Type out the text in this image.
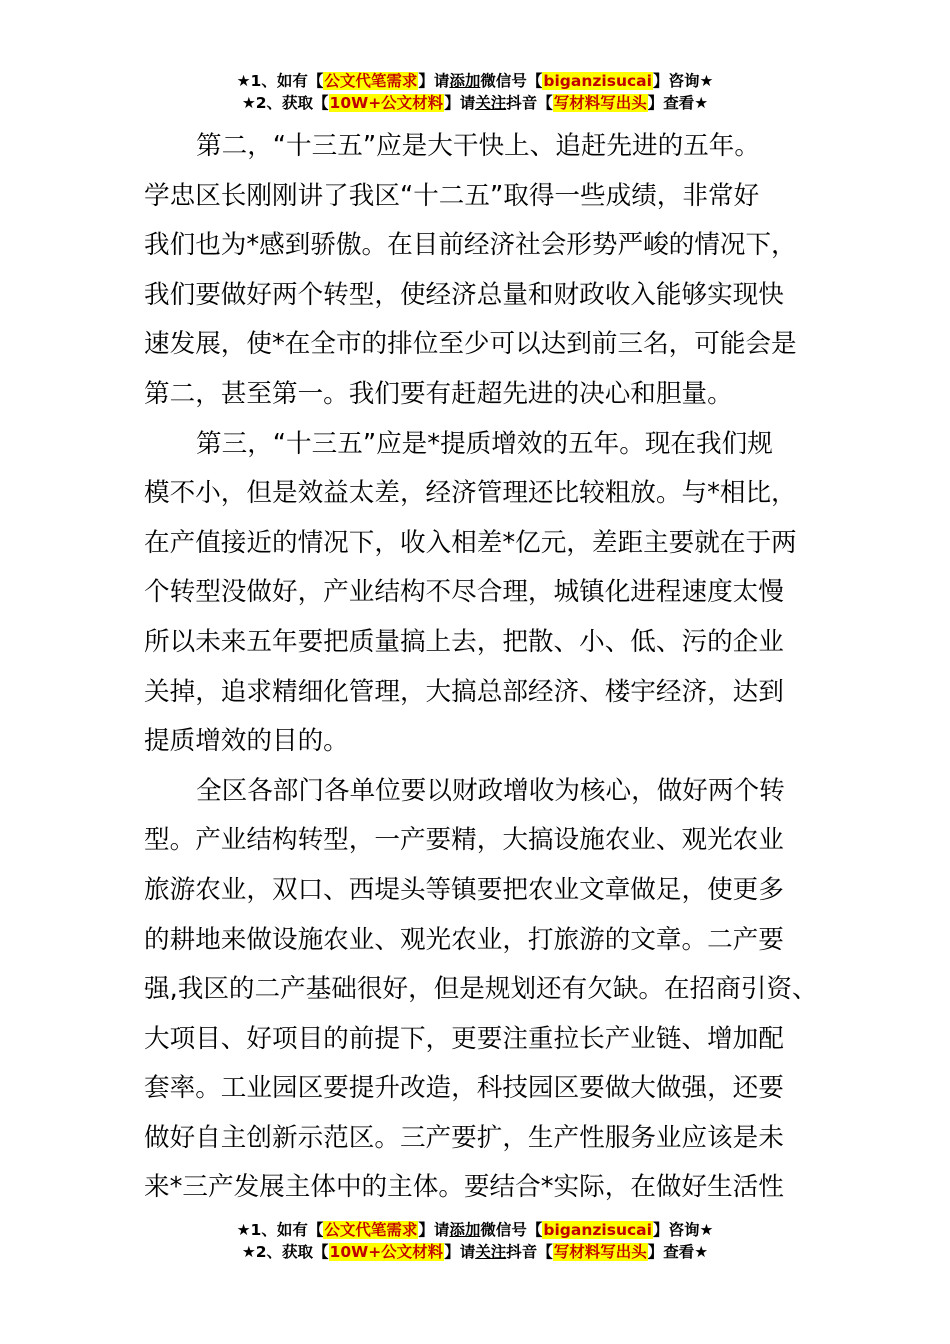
★1、如有【公文代笔需求】请添加微信号【biganzisucai】咨询★
★2、获取【10W+公文材料】请关注抖音【写材料写出头】查看★
第二，“十三五”应是大干快上、追赶先进的五年。
学忠区长刚刚讲了我区“十二五”取得一些成绩，非常好
我们也为*感到骄傲。在目前经济社会形势严峻的情况下，
我们要做好两个转型，使经济总量和财政收入能够实现快
速发展，使*在全市的排位至少可以达到前三名，可能会是
第二，甚至第一。我们要有赶超先进的决心和胆量。
第三，“十三五”应是*提质增效的五年。现在我们规
模不小，但是效益太差，经济管理还比较粗放。与*相比，
在产值接近的情况下，收入相差*亿元，差距主要就在于两
个转型没做好，产业结构不尽合理，城镇化进程速度太慢
所以未来五年要把质量搞上去，把散、小、低、污的企业
关掉，追求精细化管理，大搞总部经济、楼宇经济，达到
提质增效的目的。
全区各部门各单位要以财政增收为核心，做好两个转
型。产业结构转型，一产要精，大搞设施农业、观光农业
旅游农业，双口、西堤头等镇要把农业文章做足，使更多
的耕地来做设施农业、观光农业，打旅游的文章。二产要
强,我区的二产基础很好，但是规划还有欠缺。在招商引资、
大项目、好项目的前提下，更要注重拉长产业链、增加配
套率。工业园区要提升改造，科技园区要做大做强，还要
做好自主创新示范区。三产要扩，生产性服务业应该是未
来*三产发展主体中的主体。要结合*实际，在做好生活性
★1、如有【公文代笔需求】请添加微信号【biganzisucai】咨询★
★2、获取【10W+公文材料】请关注抖音【写材料写出头】查看★
